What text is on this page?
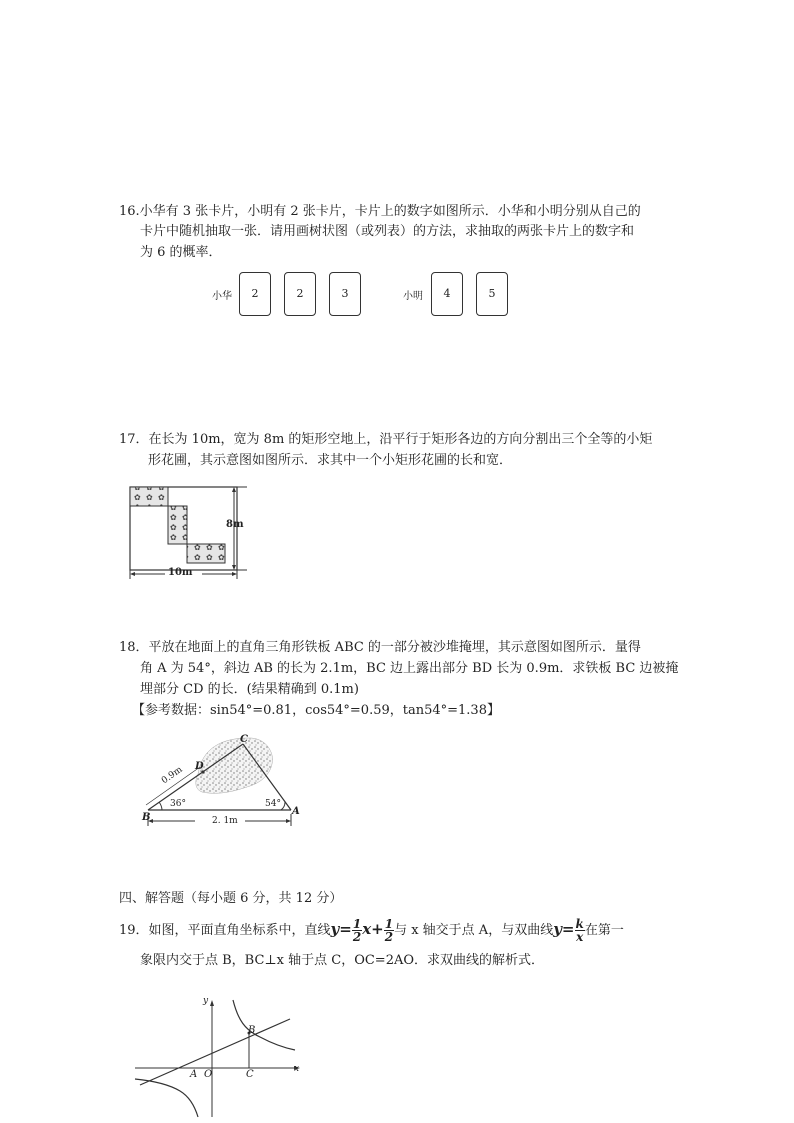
16.小华有 3 张卡片，小明有 2 张卡片，卡片上的数字如图所示．小华和小明分别从自己的
卡片中随机抽取一张．请用画树状图（或列表）的方法，求抽取的两张卡片上的数字和
为 6 的概率．
小华	2	2	3	小明	4	5
17．在长为 10m，宽为 8m 的矩形空地上，沿平行于矩形各边的方向分割出三个全等的小矩
形花圃，其示意图如图所示．求其中一个小矩形花圃的长和宽．
8m
10m
18．平放在地面上的直角三角形铁板 ABC 的一部分被沙堆掩埋，其示意图如图所示．量得
角 A 为 54°，斜边 AB 的长为 2.1m，BC 边上露出部分 BD 长为 0.9m．求铁板 BC 边被掩
埋部分 CD 的长．(结果精确到 0.1m)
【参考数据：sin54°=0.81，cos54°=0.59，tan54°=1.38】
C
D
B
A
0.9m
36°	54°
2. 1m
四、解答题（每小题 6 分，共 12 分）
19．如图，平面直角坐标系中，直线$y= \frac{1}{2} x+ \frac{1}{2}$ 与 x 轴交于点 A，与双曲线$y= \frac{k}{x}$ 在第一
象限内交于点 B，BC⊥x 轴于点 C，OC=2AO．求双曲线的解析式．
y
x
A O	C
B
